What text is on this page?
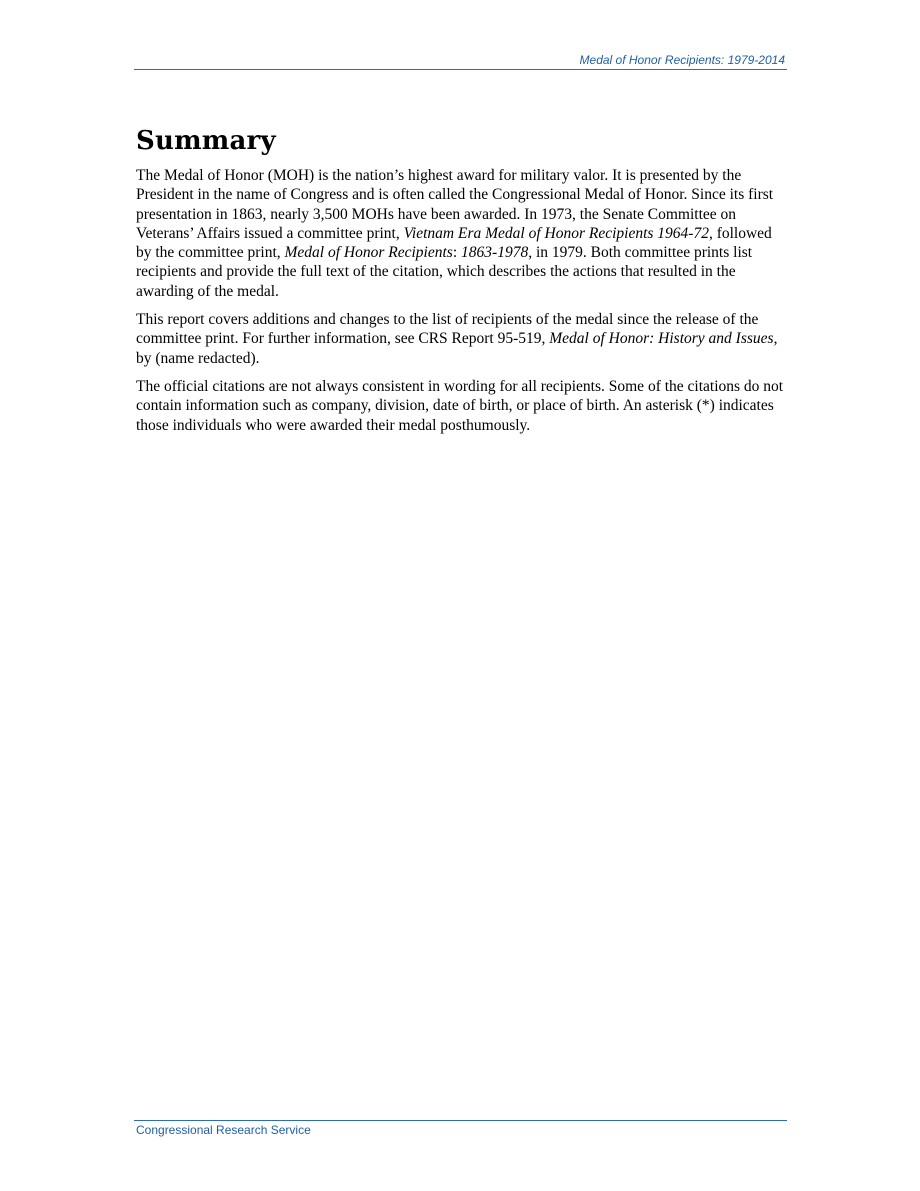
Medal of Honor Recipients: 1979-2014
Summary

The Medal of Honor (MOH) is the nation’s highest award for military valor. It is presented by the President in the name of Congress and is often called the Congressional Medal of Honor. Since its first presentation in 1863, nearly 3,500 MOHs have been awarded. In 1973, the Senate Committee on Veterans’ Affairs issued a committee print, Vietnam Era Medal of Honor Recipients 1964-72, followed by the committee print, Medal of Honor Recipients: 1863-1978, in 1979. Both committee prints list recipients and provide the full text of the citation, which describes the actions that resulted in the awarding of the medal.

This report covers additions and changes to the list of recipients of the medal since the release of the committee print. For further information, see CRS Report 95-519, Medal of Honor: History and Issues, by (name redacted).

The official citations are not always consistent in wording for all recipients. Some of the citations do not contain information such as company, division, date of birth, or place of birth. An asterisk (*) indicates those individuals who were awarded their medal posthumously.

Congressional Research Service
